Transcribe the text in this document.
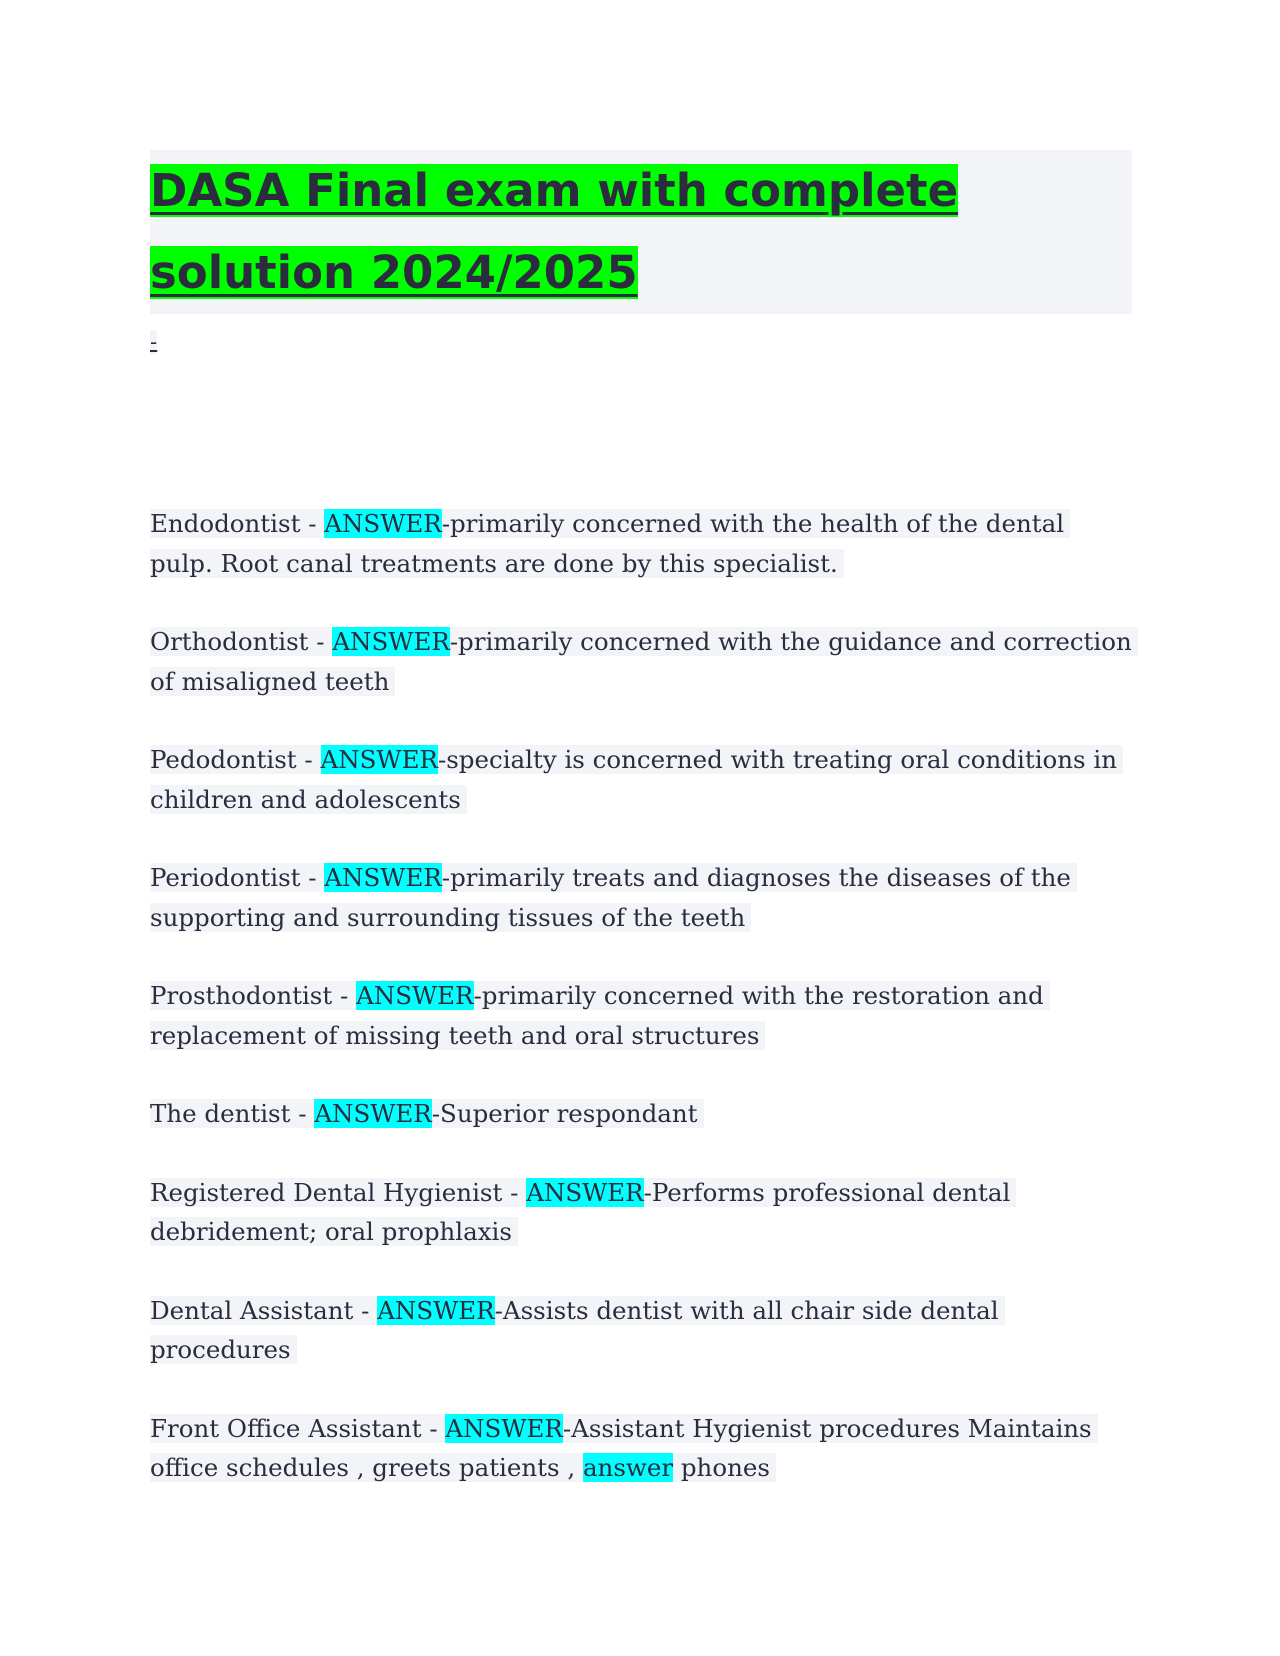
DASA Final exam with complete solution 2024/2025
-

Endodontist - ANSWER-primarily concerned with the health of the dental pulp. Root canal treatments are done by this specialist.

Orthodontist - ANSWER-primarily concerned with the guidance and correction of misaligned teeth

Pedodontist - ANSWER-specialty is concerned with treating oral conditions in children and adolescents

Periodontist - ANSWER-primarily treats and diagnoses the diseases of the supporting and surrounding tissues of the teeth

Prosthodontist - ANSWER-primarily concerned with the restoration and replacement of missing teeth and oral structures

The dentist - ANSWER-Superior respondant

Registered Dental Hygienist - ANSWER-Performs professional dental debridement; oral prophlaxis

Dental Assistant - ANSWER-Assists dentist with all chair side dental procedures

Front Office Assistant - ANSWER-Assistant Hygienist procedures Maintains office schedules , greets patients , answer phones
